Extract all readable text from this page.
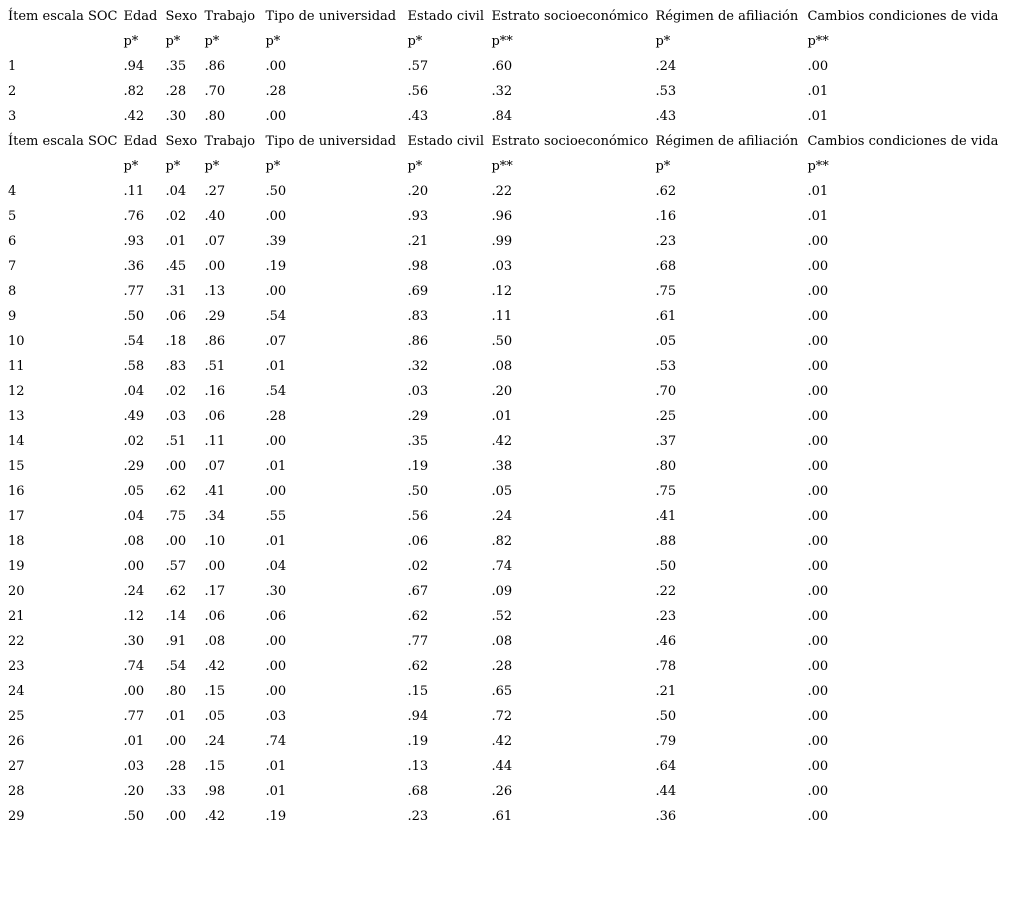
Ítem escala SOC	Edad	Sexo	Trabajo	Tipo de universidad	Estado civil	Estrato socioeconómico	Régimen de afiliación	Cambios condiciones de vida
	p*	p*	p*	p*	p*	p**	p*	p**
1	.94	.35	.86	.00	.57	.60	.24	.00
2	.82	.28	.70	.28	.56	.32	.53	.01
3	.42	.30	.80	.00	.43	.84	.43	.01
Ítem escala SOC	Edad	Sexo	Trabajo	Tipo de universidad	Estado civil	Estrato socioeconómico	Régimen de afiliación	Cambios condiciones de vida
	p*	p*	p*	p*	p*	p**	p*	p**
4	.11	.04	.27	.50	.20	.22	.62	.01
5	.76	.02	.40	.00	.93	.96	.16	.01
6	.93	.01	.07	.39	.21	.99	.23	.00
7	.36	.45	.00	.19	.98	.03	.68	.00
8	.77	.31	.13	.00	.69	.12	.75	.00
9	.50	.06	.29	.54	.83	.11	.61	.00
10	.54	.18	.86	.07	.86	.50	.05	.00
11	.58	.83	.51	.01	.32	.08	.53	.00
12	.04	.02	.16	.54	.03	.20	.70	.00
13	.49	.03	.06	.28	.29	.01	.25	.00
14	.02	.51	.11	.00	.35	.42	.37	.00
15	.29	.00	.07	.01	.19	.38	.80	.00
16	.05	.62	.41	.00	.50	.05	.75	.00
17	.04	.75	.34	.55	.56	.24	.41	.00
18	.08	.00	.10	.01	.06	.82	.88	.00
19	.00	.57	.00	.04	.02	.74	.50	.00
20	.24	.62	.17	.30	.67	.09	.22	.00
21	.12	.14	.06	.06	.62	.52	.23	.00
22	.30	.91	.08	.00	.77	.08	.46	.00
23	.74	.54	.42	.00	.62	.28	.78	.00
24	.00	.80	.15	.00	.15	.65	.21	.00
25	.77	.01	.05	.03	.94	.72	.50	.00
26	.01	.00	.24	.74	.19	.42	.79	.00
27	.03	.28	.15	.01	.13	.44	.64	.00
28	.20	.33	.98	.01	.68	.26	.44	.00
29	.50	.00	.42	.19	.23	.61	.36	.00
